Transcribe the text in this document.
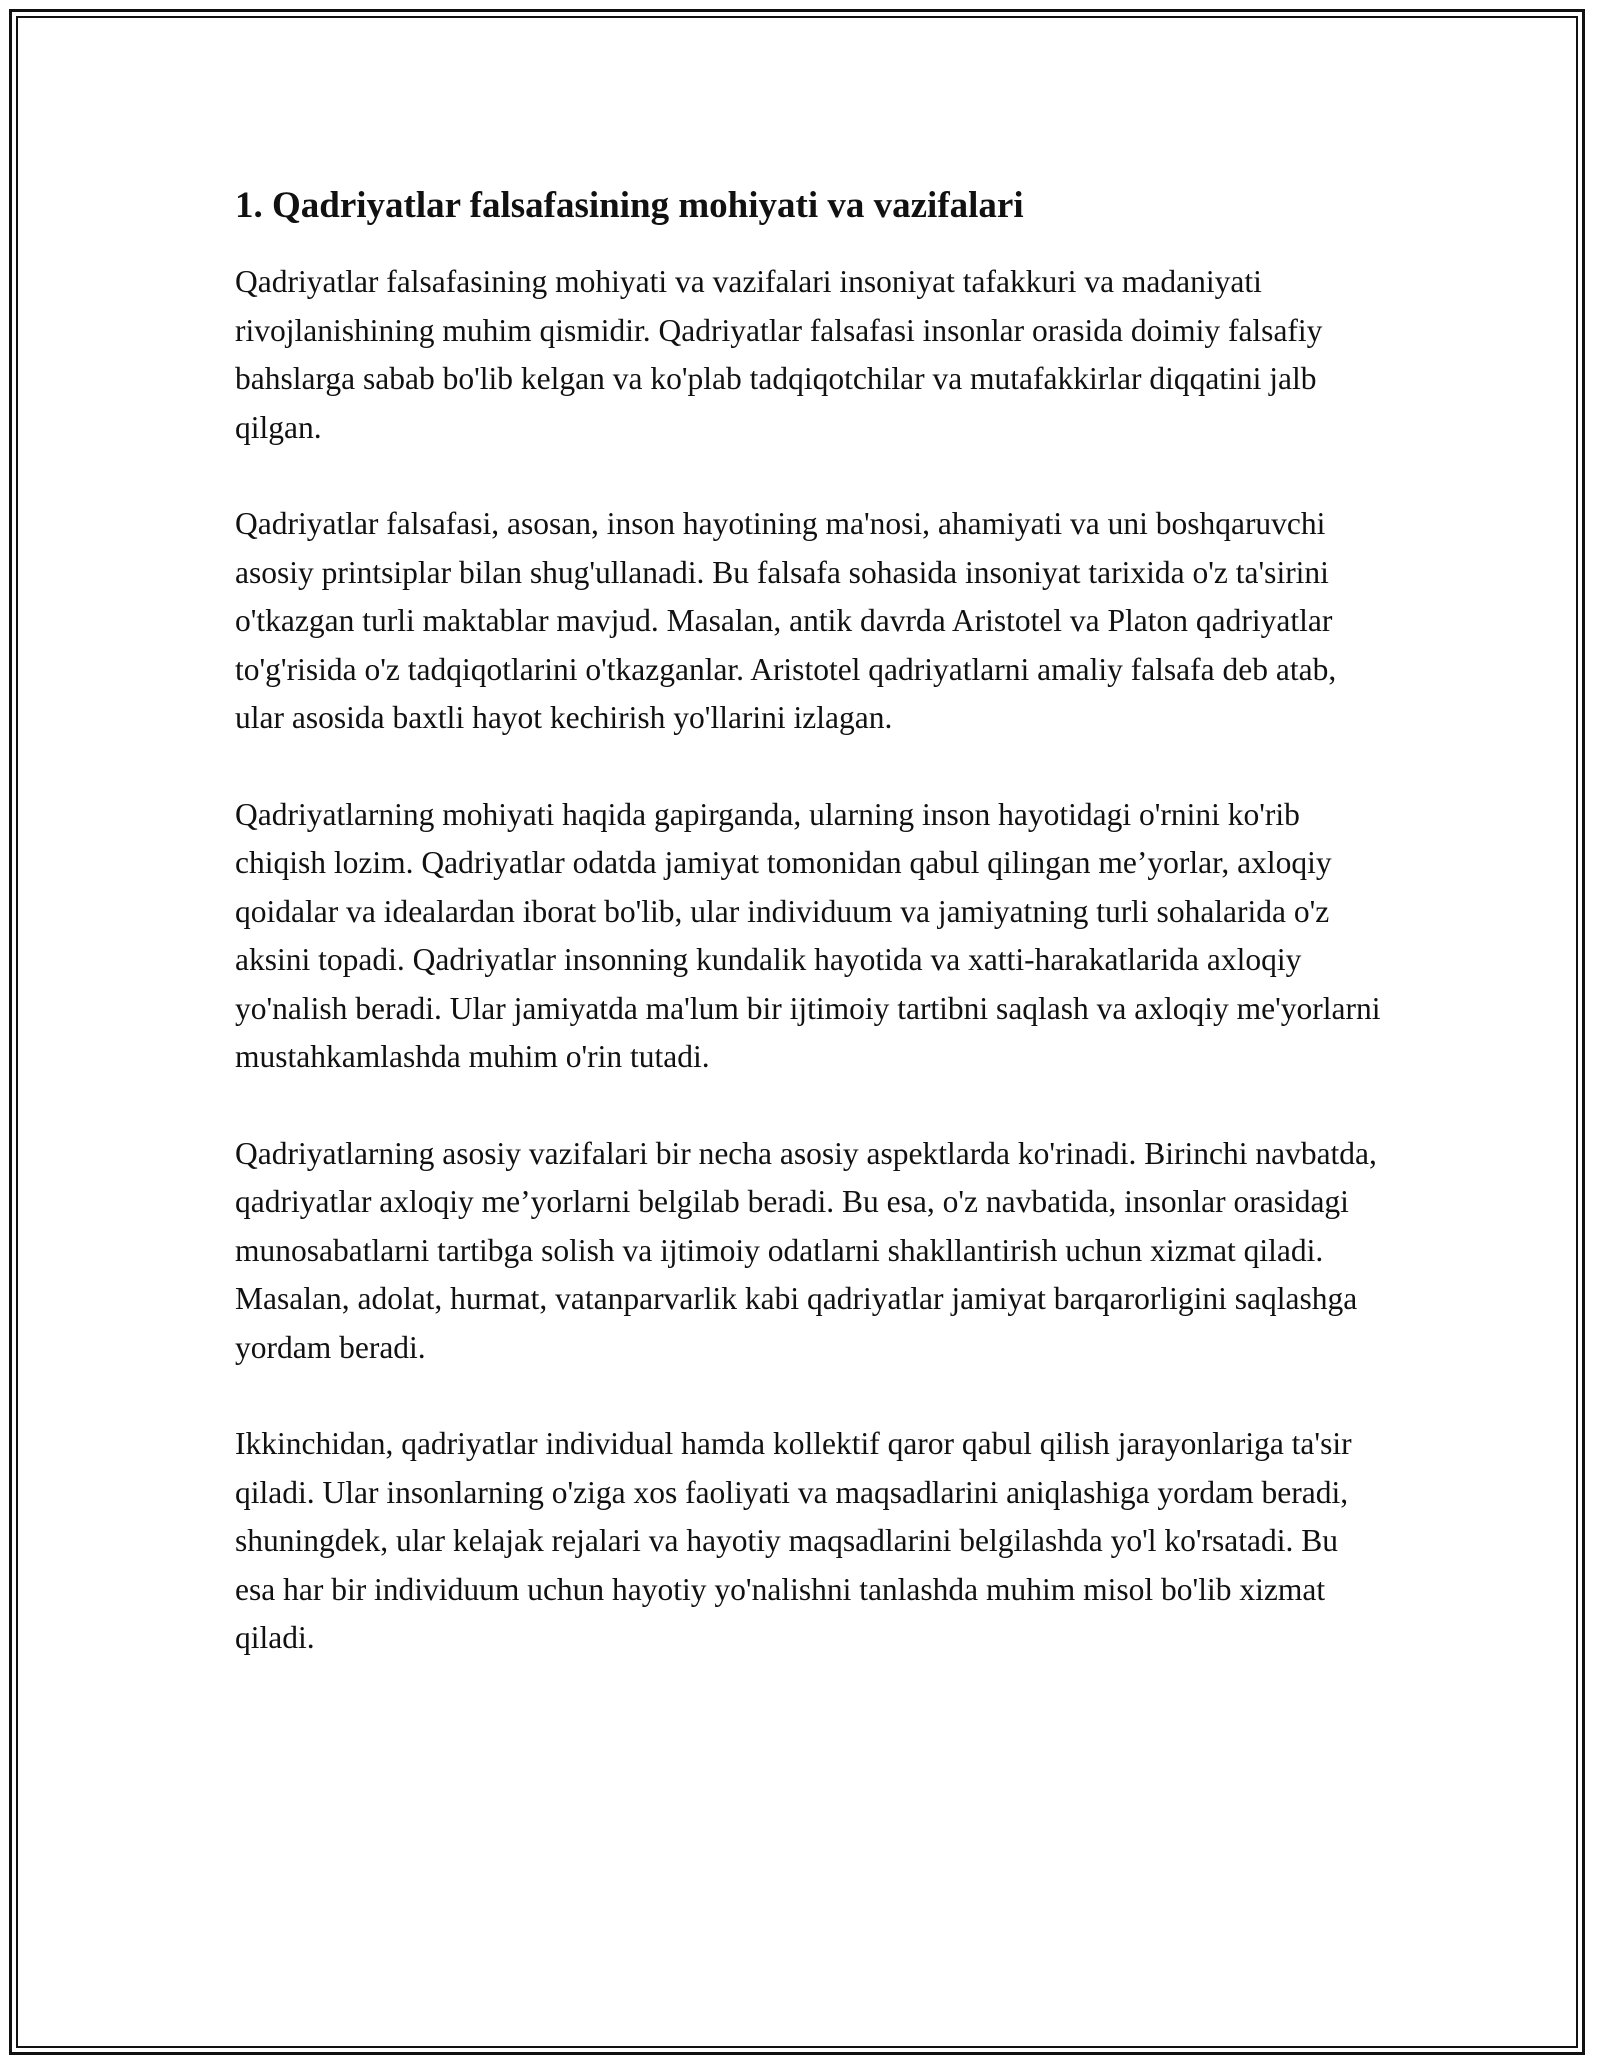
1. Qadriyatlar falsafasining mohiyati va vazifalari

Qadriyatlar falsafasining mohiyati va vazifalari insoniyat tafakkuri va madaniyati rivojlanishining muhim qismidir. Qadriyatlar falsafasi insonlar orasida doimiy falsafiy bahslarga sabab bo'lib kelgan va ko'plab tadqiqotchilar va mutafakkirlar diqqatini jalb qilgan.

Qadriyatlar falsafasi, asosan, inson hayotining ma'nosi, ahamiyati va uni boshqaruvchi asosiy printsiplar bilan shug'ullanadi. Bu falsafa sohasida insoniyat tarixida o'z ta'sirini o'tkazgan turli maktablar mavjud. Masalan, antik davrda Aristotel va Platon qadriyatlar to'g'risida o'z tadqiqotlarini o'tkazganlar. Aristotel qadriyatlarni amaliy falsafa deb atab, ular asosida baxtli hayot kechirish yo'llarini izlagan.

Qadriyatlarning mohiyati haqida gapirganda, ularning inson hayotidagi o'rnini ko'rib chiqish lozim. Qadriyatlar odatda jamiyat tomonidan qabul qilingan me’yorlar, axloqiy qoidalar va idealardan iborat bo'lib, ular individuum va jamiyatning turli sohalarida o'z aksini topadi. Qadriyatlar insonning kundalik hayotida va xatti-harakatlarida axloqiy yo'nalish beradi. Ular jamiyatda ma'lum bir ijtimoiy tartibni saqlash va axloqiy me'yorlarni mustahkamlashda muhim o'rin tutadi.

Qadriyatlarning asosiy vazifalari bir necha asosiy aspektlarda ko'rinadi. Birinchi navbatda, qadriyatlar axloqiy me’yorlarni belgilab beradi. Bu esa, o'z navbatida, insonlar orasidagi munosabatlarni tartibga solish va ijtimoiy odatlarni shakllantirish uchun xizmat qiladi. Masalan, adolat, hurmat, vatanparvarlik kabi qadriyatlar jamiyat barqarorligini saqlashga yordam beradi.

Ikkinchidan, qadriyatlar individual hamda kollektif qaror qabul qilish jarayonlariga ta'sir qiladi. Ular insonlarning o'ziga xos faoliyati va maqsadlarini aniqlashiga yordam beradi, shuningdek, ular kelajak rejalari va hayotiy maqsadlarini belgilashda yo'l ko'rsatadi. Bu esa har bir individuum uchun hayotiy yo'nalishni tanlashda muhim misol bo'lib xizmat qiladi.
